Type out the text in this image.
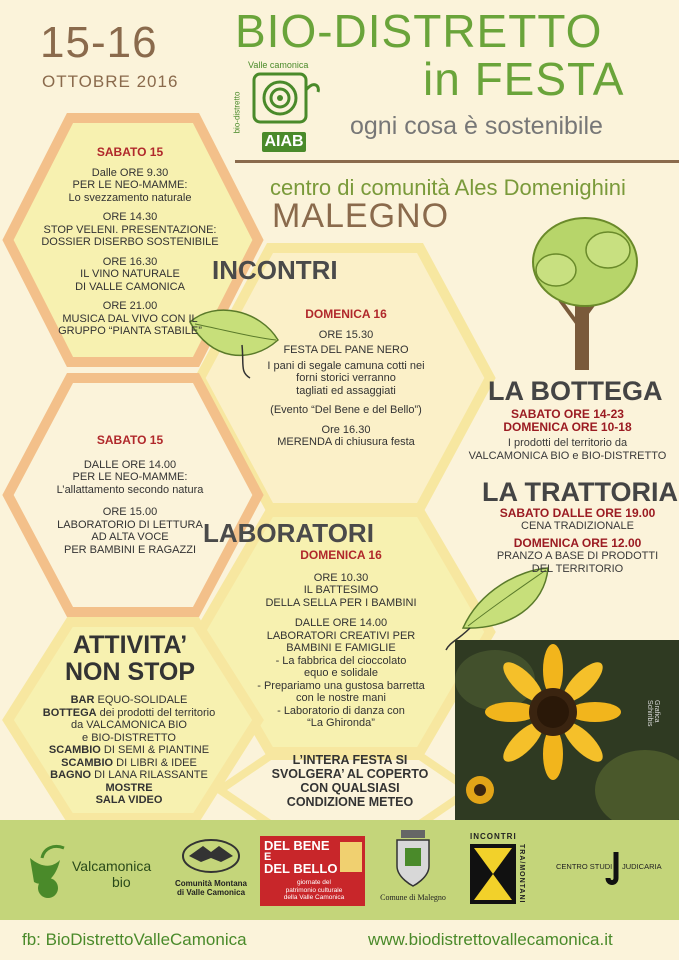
15-16
OTTOBRE 2016
BIO-DISTRETTO
in FESTA
ogni cosa è sostenibile
Valle camonica
bio-distretto
AIAB
centro di comunità Ales Domenighini
MALEGNO
SABATO 15
Dalle ORE 9.30
PER LE NEO-MAMME:
Lo svezzamento naturale
ORE 14.30
STOP VELENI. PRESENTAZIONE:
DOSSIER DISERBO SOSTENIBILE
ORE 16.30
IL VINO NATURALE
DI VALLE CAMONICA
ORE 21.00
MUSICA DAL VIVO CON IL
GRUPPO “PIANTA STABILE”
INCONTRI
DOMENICA 16
ORE 15.30
FESTA DEL PANE NERO
I pani di segale camuna cotti nei
forni storici verranno
tagliati ed assaggiati
(Evento “Del Bene e del Bello”)
Ore 16.30
MERENDA di chiusura festa
LA BOTTEGA
SABATO ORE 14-23
DOMENICA ORE 10-18
I prodotti del territorio da
VALCAMONICA BIO e BIO-DISTRETTO
SABATO 15
DALLE ORE 14.00
PER LE NEO-MAMME:
L’allattamento secondo natura
ORE 15.00
LABORATORIO DI LETTURA
AD ALTA VOCE
PER BAMBINI E RAGAZZI
LA TRATTORIA
SABATO DALLE ORE 19.00
CENA TRADIZIONALE
DOMENICA ORE 12.00
PRANZO A BASE DI PRODOTTI
DEL TERRITORIO
LABORATORI
DOMENICA 16
ORE 10.30
IL BATTESIMO
DELLA SELLA PER I BAMBINI
DALLE ORE 14.00
LABORATORI CREATIVI PER
BAMBINI E FAMIGLIE
- La fabbrica del cioccolato
equo e solidale
- Prepariamo una gustosa barretta
con le nostre mani
- Laboratorio di danza con
“La Ghironda”
ATTIVITA’
NON STOP
BAR EQUO-SOLIDALE
BOTTEGA dei prodotti del territorio
da VALCAMONICA BIO
e BIO-DISTRETTO
SCAMBIO DI SEMI & PIANTINE
SCAMBIO DI LIBRI & IDEE
BAGNO DI LANA RILASSANTE
MOSTRE
SALA VIDEO
L’INTERA FESTA SI
SVOLGERA’ AL COPERTO
CON QUALSIASI
CONDIZIONE METEO
Grafica Schiribis
Valcamonica
bio	Comunità Montana
di Valle Camonica
DEL BENE
E
DEL BELLO
giornate del
patrimonio culturale
della Valle Camonica	Comune di Malegno
INCONTRI
TRA/MONTANI	CENTRO STUDI JUDICARIA
fb: BioDistrettoValleCamonica	www.biodistrettovallecamonica.it
